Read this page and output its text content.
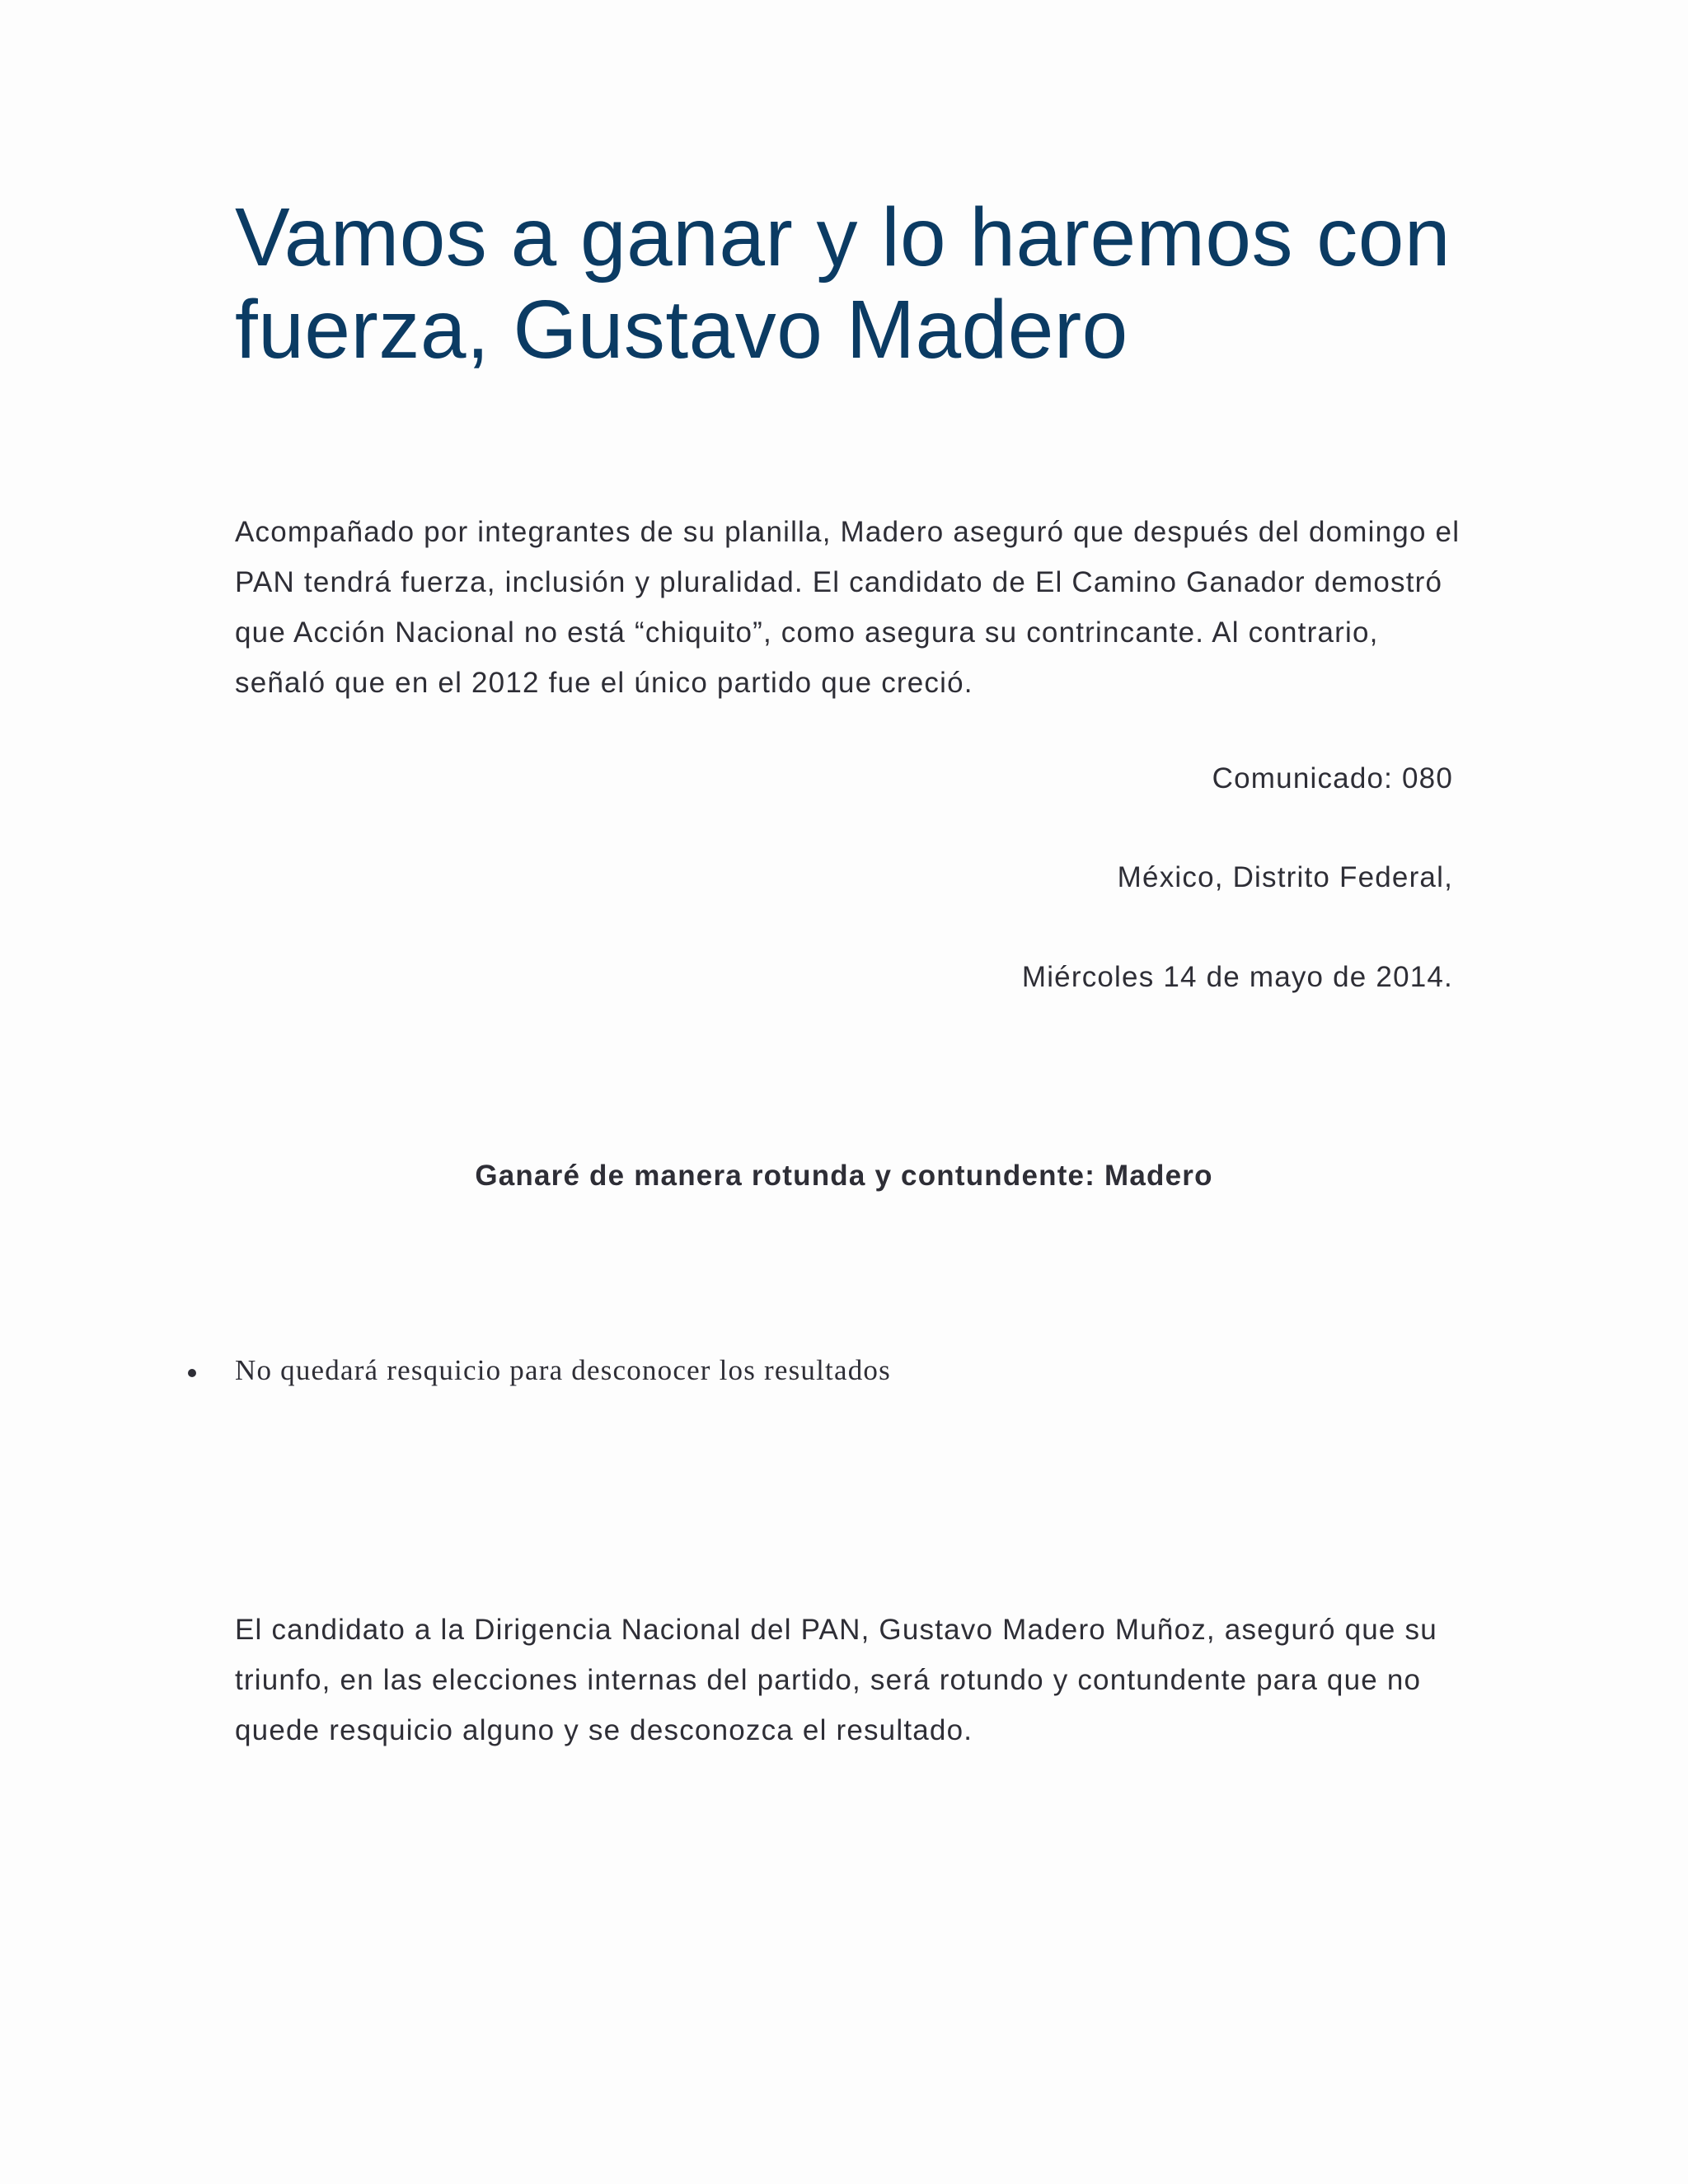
Vamos a ganar y lo haremos con fuerza, Gustavo Madero

Acompañado por integrantes de su planilla, Madero aseguró que después del domingo el PAN tendrá fuerza, inclusión y pluralidad. El candidato de El Camino Ganador demostró que Acción Nacional no está “chiquito”, como asegura su contrincante. Al contrario, señaló que en el 2012 fue el único partido que creció.

Comunicado: 080

México, Distrito Federal,

Miércoles 14 de mayo de 2014.

Ganaré de manera rotunda y contundente: Madero
No quedará resquicio para desconocer los resultados

El candidato a la Dirigencia Nacional del PAN, Gustavo Madero Muñoz, aseguró que su triunfo, en las elecciones internas del partido, será rotundo y contundente para que no quede resquicio alguno y se desconozca el resultado.
